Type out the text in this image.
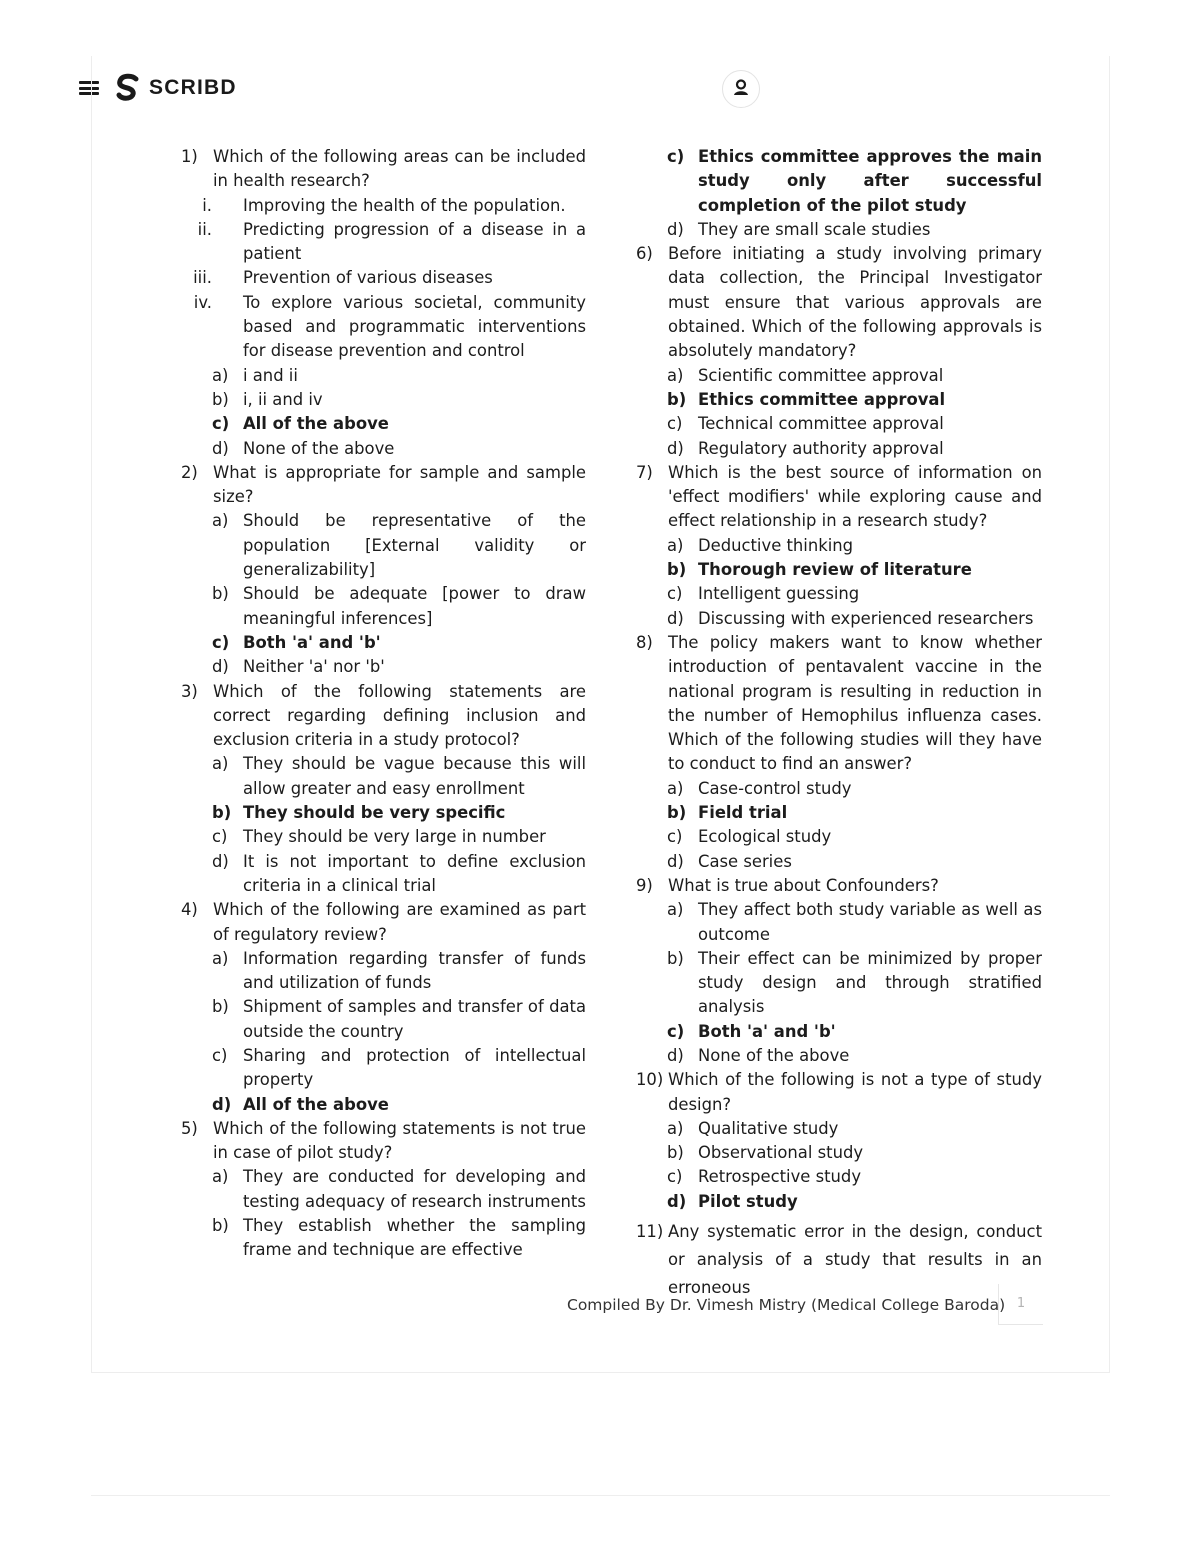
SCRIBD
1) Which of the following areas can be included in health research?
i. Improving the health of the population.
ii. Predicting progression of a disease in a patient
iii. Prevention of various diseases
iv. To explore various societal, community based and programmatic interventions for disease prevention and control
a) i and ii
b) i, ii and iv
c) All of the above
d) None of the above
2) What is appropriate for sample and sample size?
a) Should be representative of the population [External validity or generalizability]
b) Should be adequate [power to draw meaningful inferences]
c) Both 'a' and 'b'
d) Neither 'a' nor 'b'
3) Which of the following statements are correct regarding defining inclusion and exclusion criteria in a study protocol?
a) They should be vague because this will allow greater and easy enrollment
b) They should be very specific
c) They should be very large in number
d) It is not important to define exclusion criteria in a clinical trial
4) Which of the following are examined as part of regulatory review?
a) Information regarding transfer of funds and utilization of funds
b) Shipment of samples and transfer of data outside the country
c) Sharing and protection of intellectual property
d) All of the above
5) Which of the following statements is not true in case of pilot study?
a) They are conducted for developing and testing adequacy of research instruments
b) They establish whether the sampling frame and technique are effective
c) Ethics committee approves the main study only after successful completion of the pilot study
d) They are small scale studies
6) Before initiating a study involving primary data collection, the Principal Investigator must ensure that various approvals are obtained. Which of the following approvals is absolutely mandatory?
a) Scientific committee approval
b) Ethics committee approval
c) Technical committee approval
d) Regulatory authority approval
7) Which is the best source of information on 'effect modifiers' while exploring cause and effect relationship in a research study?
a) Deductive thinking
b) Thorough review of literature
c) Intelligent guessing
d) Discussing with experienced researchers
8) The policy makers want to know whether introduction of pentavalent vaccine in the national program is resulting in reduction in the number of Hemophilus influenza cases. Which of the following studies will they have to conduct to find an answer?
a) Case-control study
b) Field trial
c) Ecological study
d) Case series
9) What is true about Confounders?
a) They affect both study variable as well as outcome
b) Their effect can be minimized by proper study design and through stratified analysis
c) Both 'a' and 'b'
d) None of the above
10) Which of the following is not a type of study design?
a) Qualitative study
b) Observational study
c) Retrospective study
d) Pilot study
11) Any systematic error in the design, conduct or analysis of a study that results in an erroneous
Compiled By Dr. Vimesh Mistry (Medical College Baroda) 1
